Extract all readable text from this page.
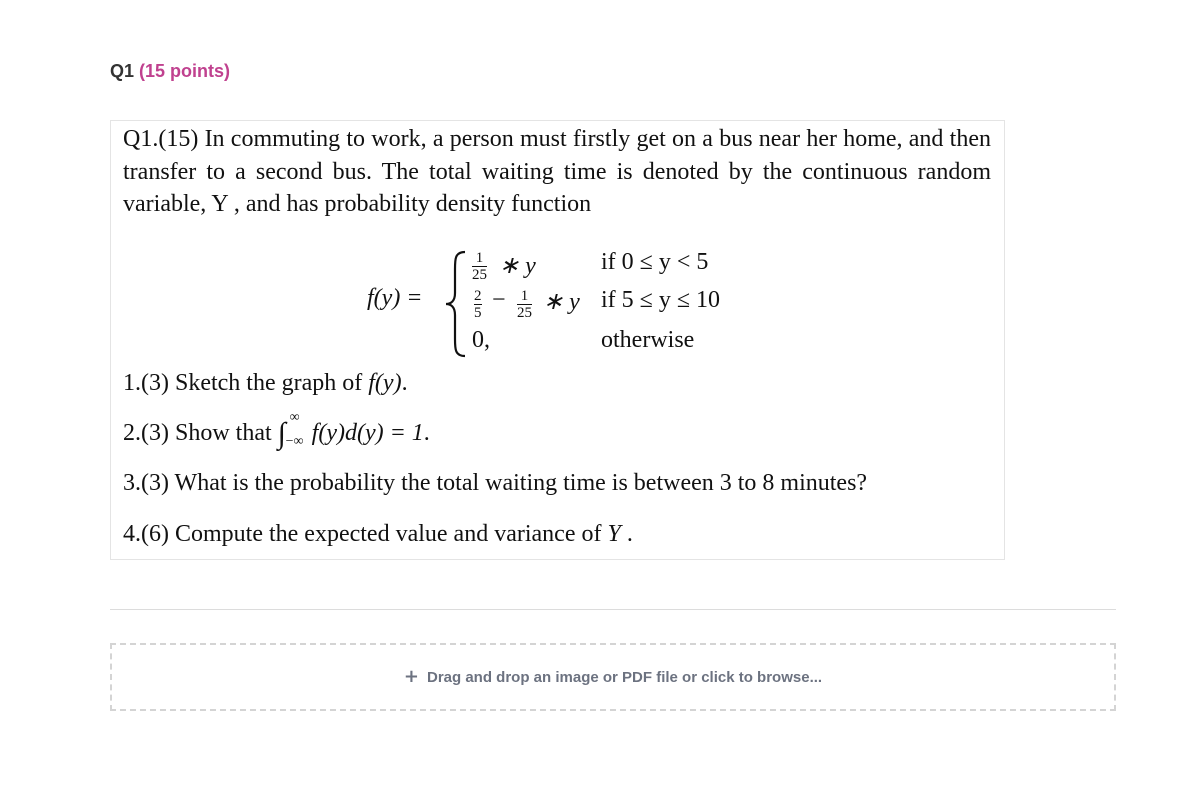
Q1 (15 points)
Q1.(15) In commuting to work, a person must firstly get on a bus near her home, and then transfer to a second bus. The total waiting time is denoted by the continuous random variable, Y , and has probability density function
f(y) =
1
25 ∗ y	if 0 ≤ y < 5
2
5 − 1
25 ∗ y if 5 ≤ y ≤ 10
0,	otherwise
1.(3) Sketch the graph of f(y).
2.(3) Show that ∫ ∞
−∞ f(y)d(y) = 1.
3.(3) What is the probability the total waiting time is between 3 to 8 minutes?
4.(6) Compute the expected value and variance of Y .
+ Drag and drop an image or PDF file or click to browse...
